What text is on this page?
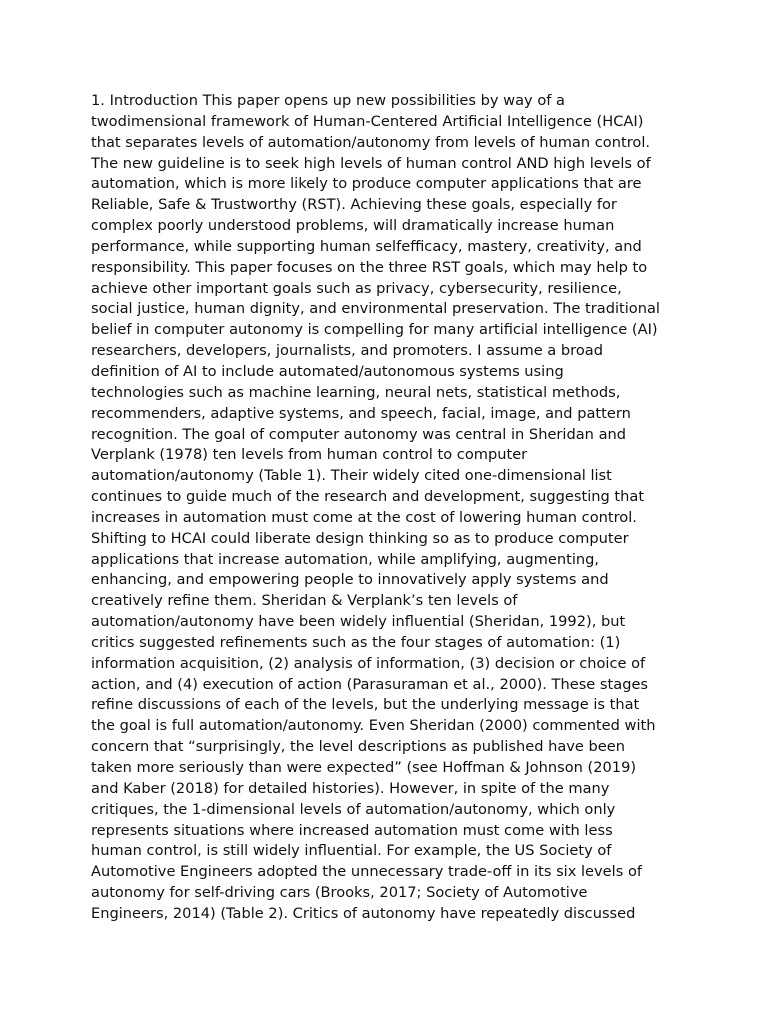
1. Introduction This paper opens up new possibilities by way of a
twodimensional framework of Human-Centered Artificial Intelligence (HCAI)
that separates levels of automation/autonomy from levels of human control.
The new guideline is to seek high levels of human control AND high levels of
automation, which is more likely to produce computer applications that are
Reliable, Safe & Trustworthy (RST). Achieving these goals, especially for
complex poorly understood problems, will dramatically increase human
performance, while supporting human selfefficacy, mastery, creativity, and
responsibility. This paper focuses on the three RST goals, which may help to
achieve other important goals such as privacy, cybersecurity, resilience,
social justice, human dignity, and environmental preservation. The traditional
belief in computer autonomy is compelling for many artificial intelligence (AI)
researchers, developers, journalists, and promoters. I assume a broad
definition of AI to include automated/autonomous systems using
technologies such as machine learning, neural nets, statistical methods,
recommenders, adaptive systems, and speech, facial, image, and pattern
recognition. The goal of computer autonomy was central in Sheridan and
Verplank (1978) ten levels from human control to computer
automation/autonomy (Table 1). Their widely cited one-dimensional list
continues to guide much of the research and development, suggesting that
increases in automation must come at the cost of lowering human control.
Shifting to HCAI could liberate design thinking so as to produce computer
applications that increase automation, while amplifying, augmenting,
enhancing, and empowering people to innovatively apply systems and
creatively refine them. Sheridan & Verplank’s ten levels of
automation/autonomy have been widely influential (Sheridan, 1992), but
critics suggested refinements such as the four stages of automation: (1)
information acquisition, (2) analysis of information, (3) decision or choice of
action, and (4) execution of action (Parasuraman et al., 2000). These stages
refine discussions of each of the levels, but the underlying message is that
the goal is full automation/autonomy. Even Sheridan (2000) commented with
concern that “surprisingly, the level descriptions as published have been
taken more seriously than were expected” (see Hoffman & Johnson (2019)
and Kaber (2018) for detailed histories). However, in spite of the many
critiques, the 1-dimensional levels of automation/autonomy, which only
represents situations where increased automation must come with less
human control, is still widely influential. For example, the US Society of
Automotive Engineers adopted the unnecessary trade-off in its six levels of
autonomy for self-driving cars (Brooks, 2017; Society of Automotive
Engineers, 2014) (Table 2). Critics of autonomy have repeatedly discussed
